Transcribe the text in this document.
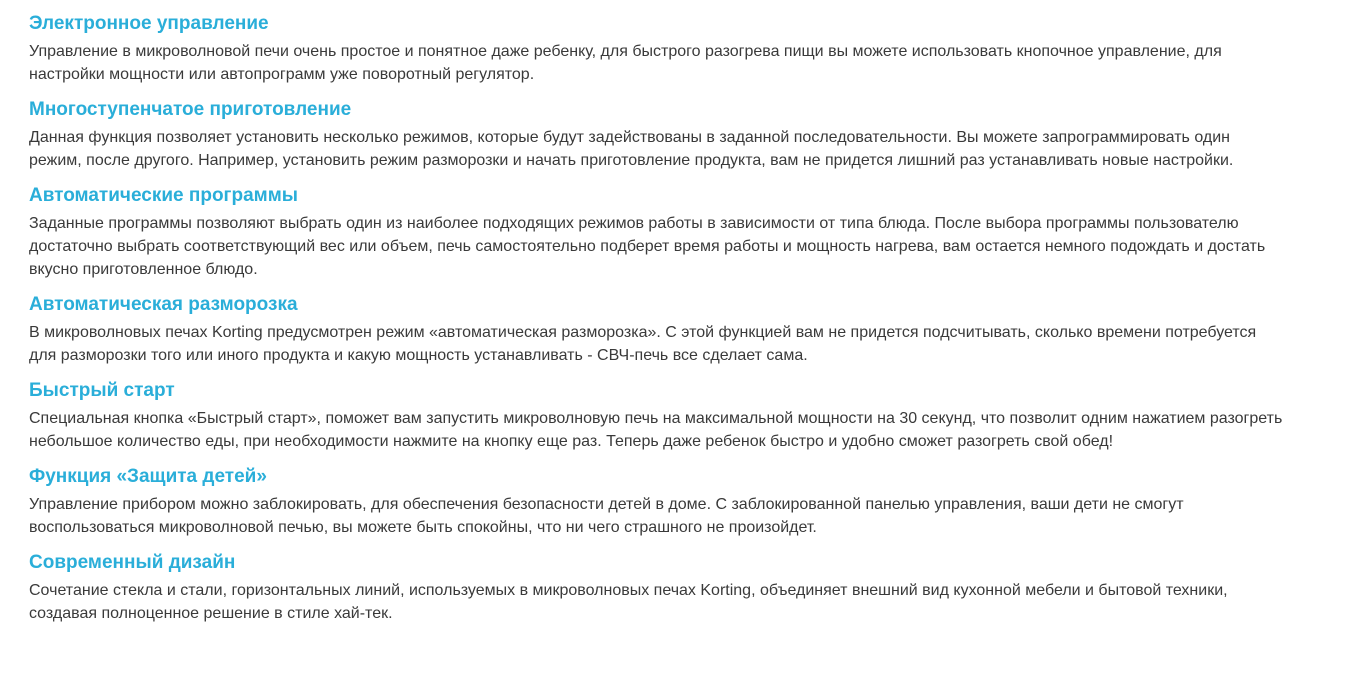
Электронное управление

Управление в микроволновой печи очень простое и понятное даже ребенку, для быстрого разогрева пищи вы можете использовать кнопочное управление, для
настройки мощности или автопрограмм уже поворотный регулятор.

Многоступенчатое приготовление

Данная функция позволяет установить несколько режимов, которые будут задействованы в заданной последовательности. Вы можете запрограммировать один
режим, после другого. Например, установить режим разморозки и начать приготовление продукта, вам не придется лишний раз устанавливать новые настройки.

Автоматические программы

Заданные программы позволяют выбрать один из наиболее подходящих режимов работы в зависимости от типа блюда. После выбора программы пользователю
достаточно выбрать соответствующий вес или объем, печь самостоятельно подберет время работы и мощность нагрева, вам остается немного подождать и достать
вкусно приготовленное блюдо.

Автоматическая разморозка

В микроволновых печах Korting предусмотрен режим «автоматическая разморозка». С этой функцией вам не придется подсчитывать, сколько времени потребуется
для разморозки того или иного продукта и какую мощность устанавливать - СВЧ-печь все сделает сама.

Быстрый старт

Специальная кнопка «Быстрый старт», поможет вам запустить микроволновую печь на максимальной мощности на 30 секунд, что позволит одним нажатием разогреть
небольшое количество еды, при необходимости нажмите на кнопку еще раз. Теперь даже ребенок быстро и удобно сможет разогреть свой обед!

Функция «Защита детей»

Управление прибором можно заблокировать, для обеспечения безопасности детей в доме. С заблокированной панелью управления, ваши дети не смогут
воспользоваться микроволновой печью, вы можете быть спокойны, что ни чего страшного не произойдет.

Современный дизайн

Сочетание стекла и стали, горизонтальных линий, используемых в микроволновых печах Korting, объединяет внешний вид кухонной мебели и бытовой техники,
создавая полноценное решение в стиле хай-тек.
